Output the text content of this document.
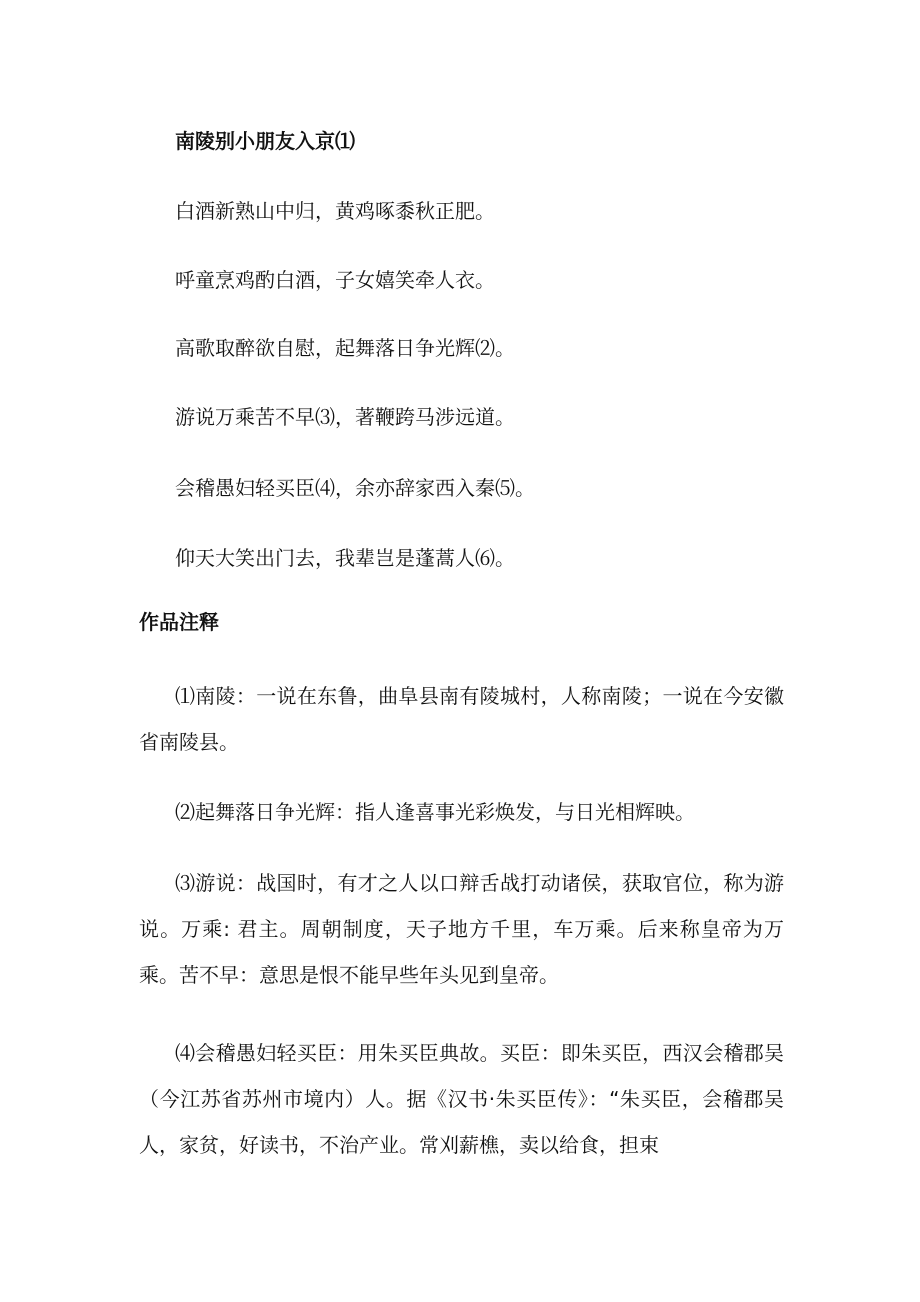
南陵别小朋友入京⑴
白酒新熟山中归，黄鸡啄黍秋正肥。
呼童烹鸡酌白酒，子女嬉笑牵人衣。
高歌取醉欲自慰，起舞落日争光辉⑵。
游说万乘苦不早⑶，著鞭跨马涉远道。
会稽愚妇轻买臣⑷，余亦辞家西入秦⑸。
仰天大笑出门去，我辈岂是蓬蒿人⑹。
作品注释
⑴南陵：一说在东鲁，曲阜县南有陵城村，人称南陵；一说在今安徽省南陵县。
⑵起舞落日争光辉：指人逢喜事光彩焕发，与日光相辉映。
⑶游说：战国时，有才之人以口辩舌战打动诸侯，获取官位，称为游说。万乘: 君主。周朝制度，天子地方千里，车万乘。后来称皇帝为万乘。苦不早：意思是恨不能早些年头见到皇帝。
⑷会稽愚妇轻买臣：用朱买臣典故。买臣：即朱买臣，西汉会稽郡吴（今江苏省苏州市境内）人。据《汉书·朱买臣传》：“朱买臣，会稽郡吴人，家贫，好读书，不治产业。常刈薪樵，卖以给食，担束
